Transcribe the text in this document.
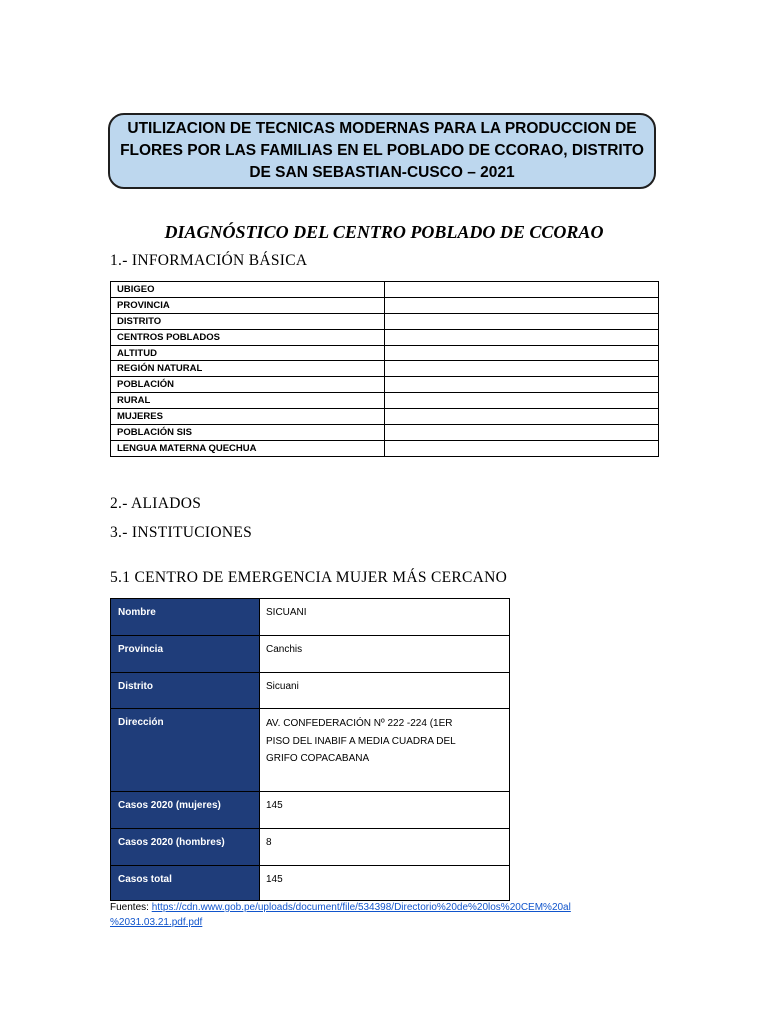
UTILIZACION DE TECNICAS MODERNAS PARA LA PRODUCCION DE FLORES POR LAS FAMILIAS EN EL POBLADO DE CCORAO, DISTRITO DE SAN SEBASTIAN-CUSCO – 2021
DIAGNÓSTICO DEL CENTRO POBLADO DE CCORAO
1.- INFORMACIÓN BÁSICA
UBIGEO	
PROVINCIA	
DISTRITO	
CENTROS POBLADOS	
ALTITUD	
REGIÓN NATURAL	
POBLACIÓN	
RURAL	
MUJERES	
POBLACIÓN SIS	
LENGUA MATERNA QUECHUA	
2.- ALIADOS
3.- INSTITUCIONES
5.1 CENTRO DE EMERGENCIA MUJER MÁS CERCANO
Nombre	SICUANI
Provincia	Canchis
Distrito	Sicuani
Dirección	AV. CONFEDERACIÓN Nº 222 -224 (1ER
PISO DEL INABIF A MEDIA CUADRA DEL
GRIFO COPACABANA

Casos 2020 (mujeres)	145
Casos 2020 (hombres)	8
Casos total	145
Fuentes: https://cdn.www.gob.pe/uploads/document/file/534398/Directorio%20de%20los%20CEM%20al
%2031.03.21.pdf.pdf
